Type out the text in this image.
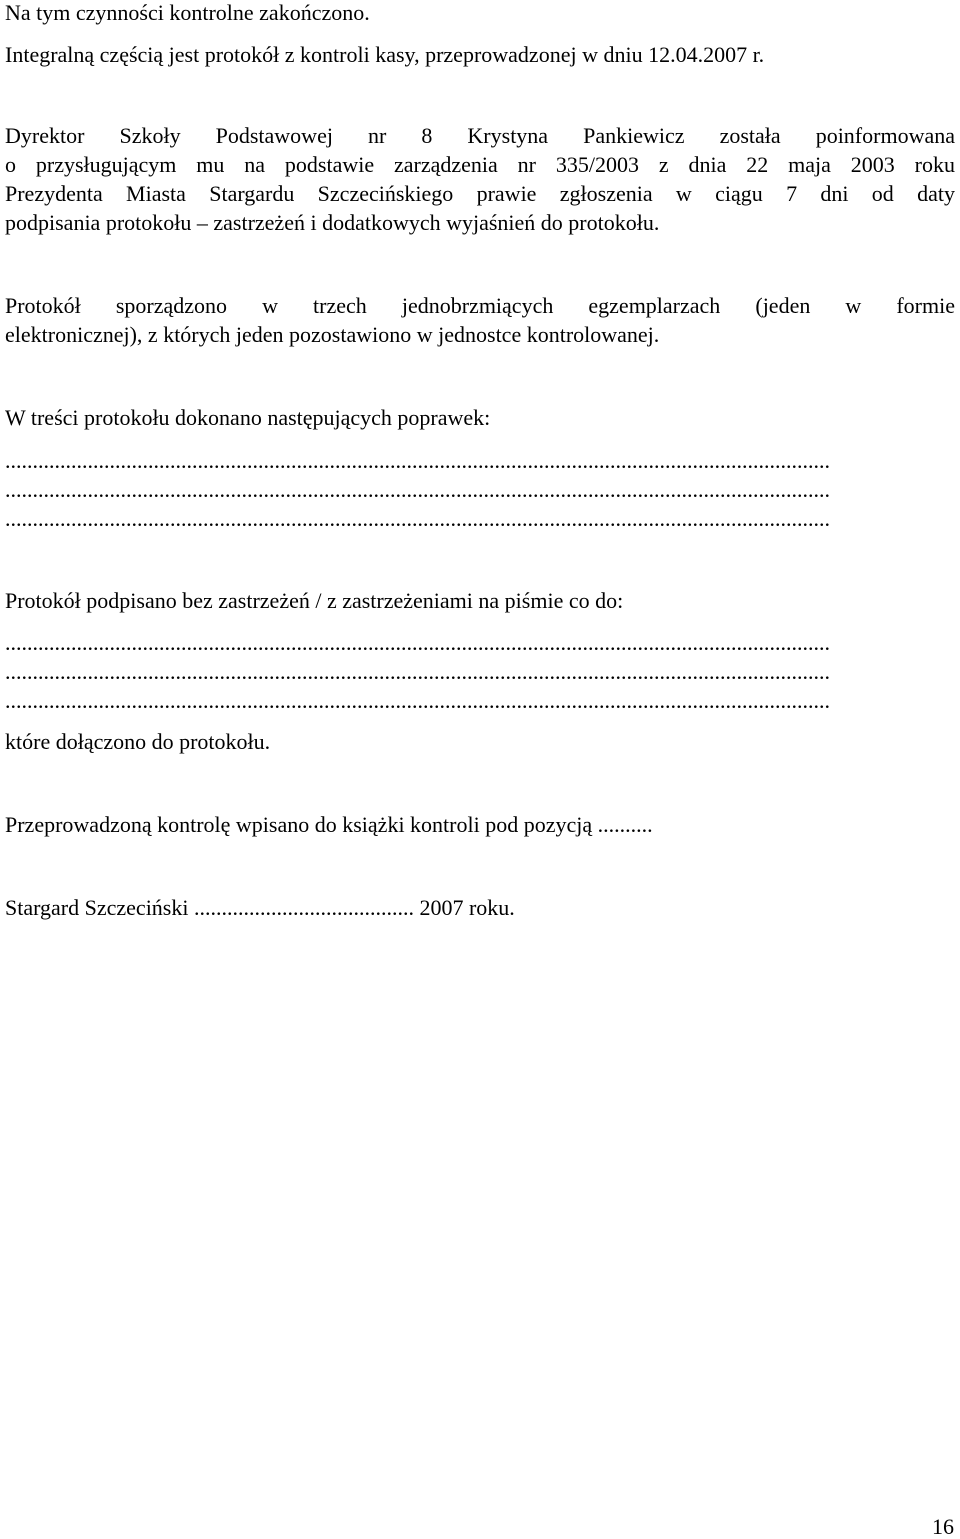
Na tym czynności kontrolne zakończono.
Integralną częścią jest protokół z kontroli kasy, przeprowadzonej w dniu 12.04.2007 r.
Dyrektor Szkoły Podstawowej nr 8 Krystyna Pankiewicz została poinformowana
o przysługującym mu na podstawie zarządzenia nr 335/2003 z dnia 22 maja 2003 roku
Prezydenta Miasta Stargardu Szczecińskiego prawie zgłoszenia w ciągu 7 dni od daty
podpisania protokołu – zastrzeżeń i dodatkowych wyjaśnień do protokołu.
Protokół sporządzono w trzech jednobrzmiących egzemplarzach (jeden w formie
elektronicznej), z których jeden pozostawiono w jednostce kontrolowanej.
W treści protokołu dokonano następujących poprawek:
......................................................................................................................................................
......................................................................................................................................................
......................................................................................................................................................
Protokół podpisano bez zastrzeżeń / z zastrzeżeniami na piśmie co do:
......................................................................................................................................................
......................................................................................................................................................
......................................................................................................................................................
które dołączono do protokołu.
Przeprowadzoną kontrolę wpisano do książki kontroli pod pozycją ..........
Stargard Szczeciński ........................................ 2007 roku.
16
